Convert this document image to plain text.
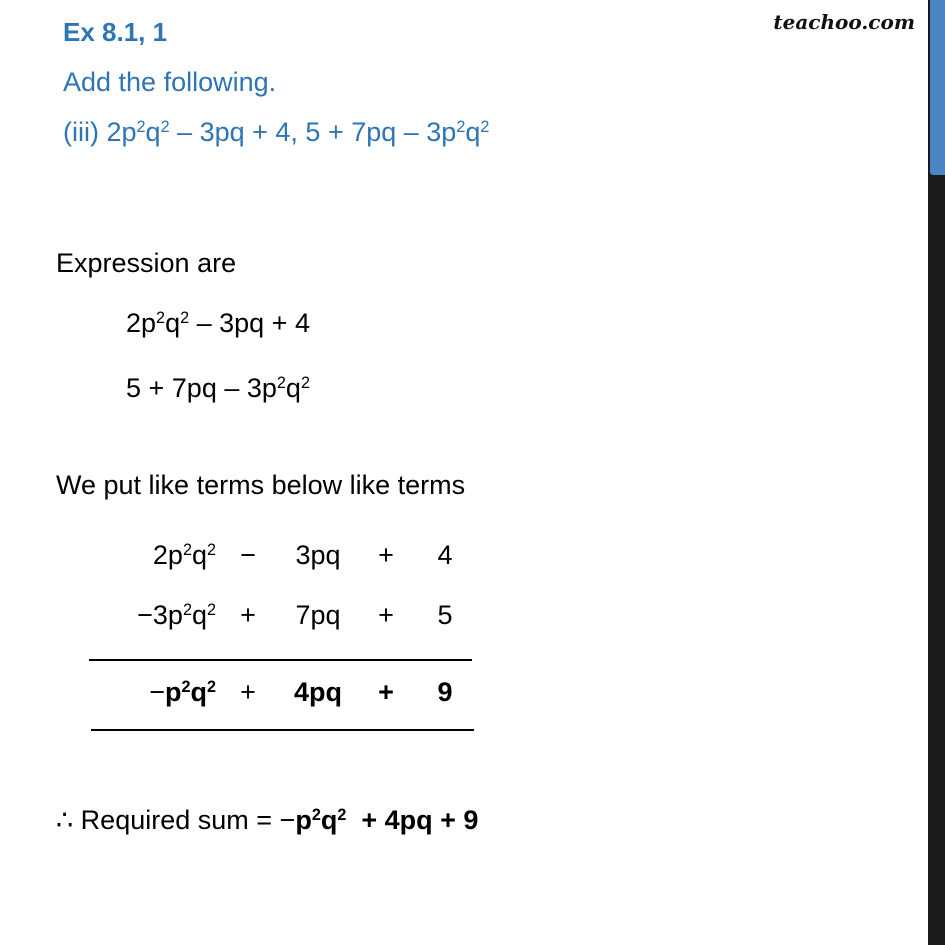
teachoo.com
Ex 8.1, 1
Add the following.
(iii) $2p^2q^2 - 3pq + 4$, $5 + 7pq - 3p^2q^2$
Expression are
$2p^2q^2 - 3pq + 4$
$5 + 7pq - 3p^2q^2$
We put like terms below like terms
$2p^2q^2$ −	3pq	+	4
$-3p^2q^2$ +	7pq	+	5
$-p^2q^2$ +	4pq	+	9
∴ Required sum = $-p^2q^2 + 4pq + 9$
